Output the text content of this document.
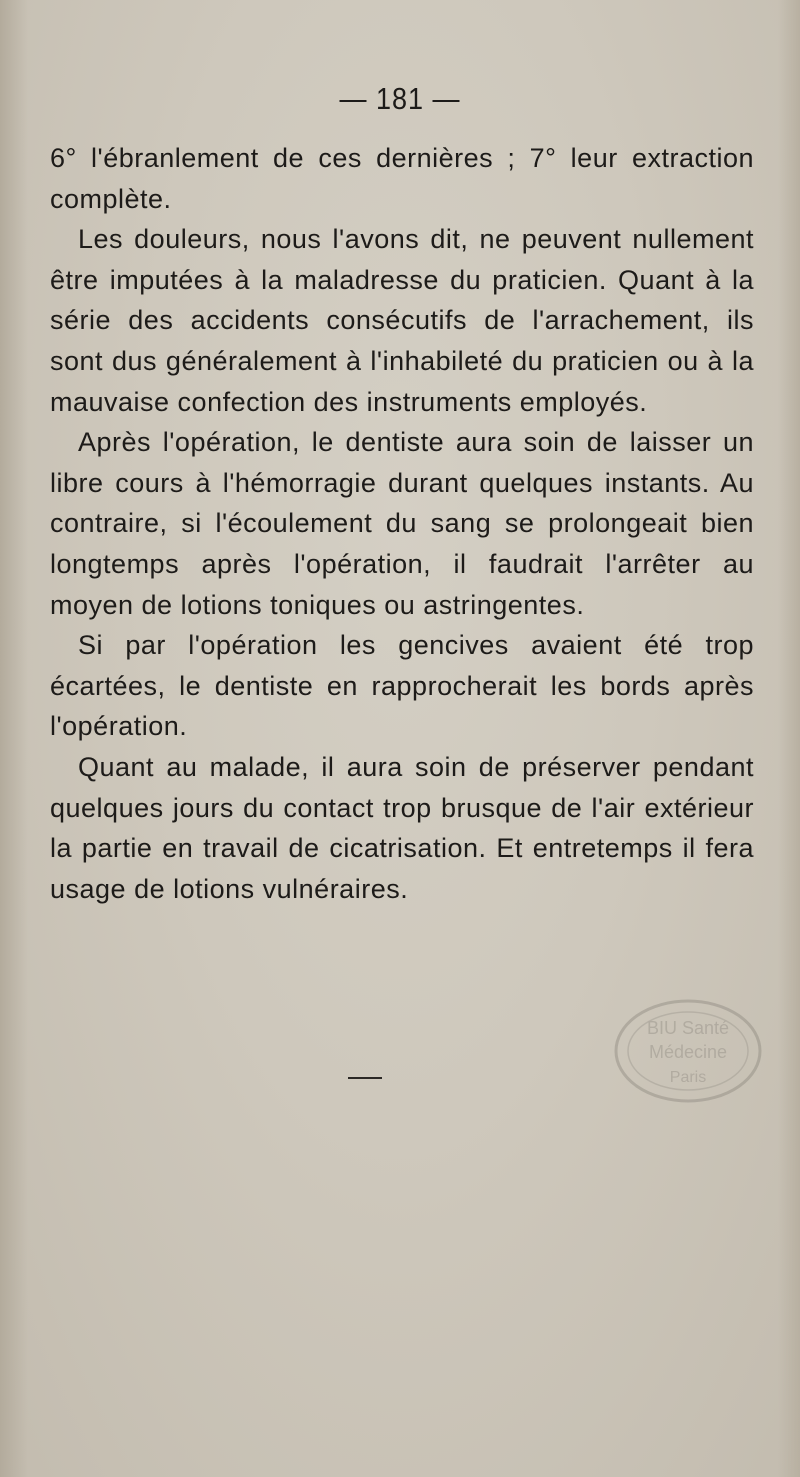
— 181 —

6° l'ébranlement de ces dernières ; 7° leur extraction complète.

Les douleurs, nous l'avons dit, ne peuvent nullement être imputées à la maladresse du praticien. Quant à la série des accidents consécutifs de l'arrachement, ils sont dus généralement à l'inhabileté du praticien ou à la mauvaise confection des instruments employés.

Après l'opération, le dentiste aura soin de laisser un libre cours à l'hémorragie durant quelques instants. Au contraire, si l'écoulement du sang se prolongeait bien longtemps après l'opération, il faudrait l'arrêter au moyen de lotions toniques ou astringentes.

Si par l'opération les gencives avaient été trop écartées, le dentiste en rapprocherait les bords après l'opération.

Quant au malade, il aura soin de préserver pendant quelques jours du contact trop brusque de l'air extérieur la partie en travail de cicatrisation. Et entretemps il fera usage de lotions vulnéraires.

BIU Santé
Médecine
Paris
